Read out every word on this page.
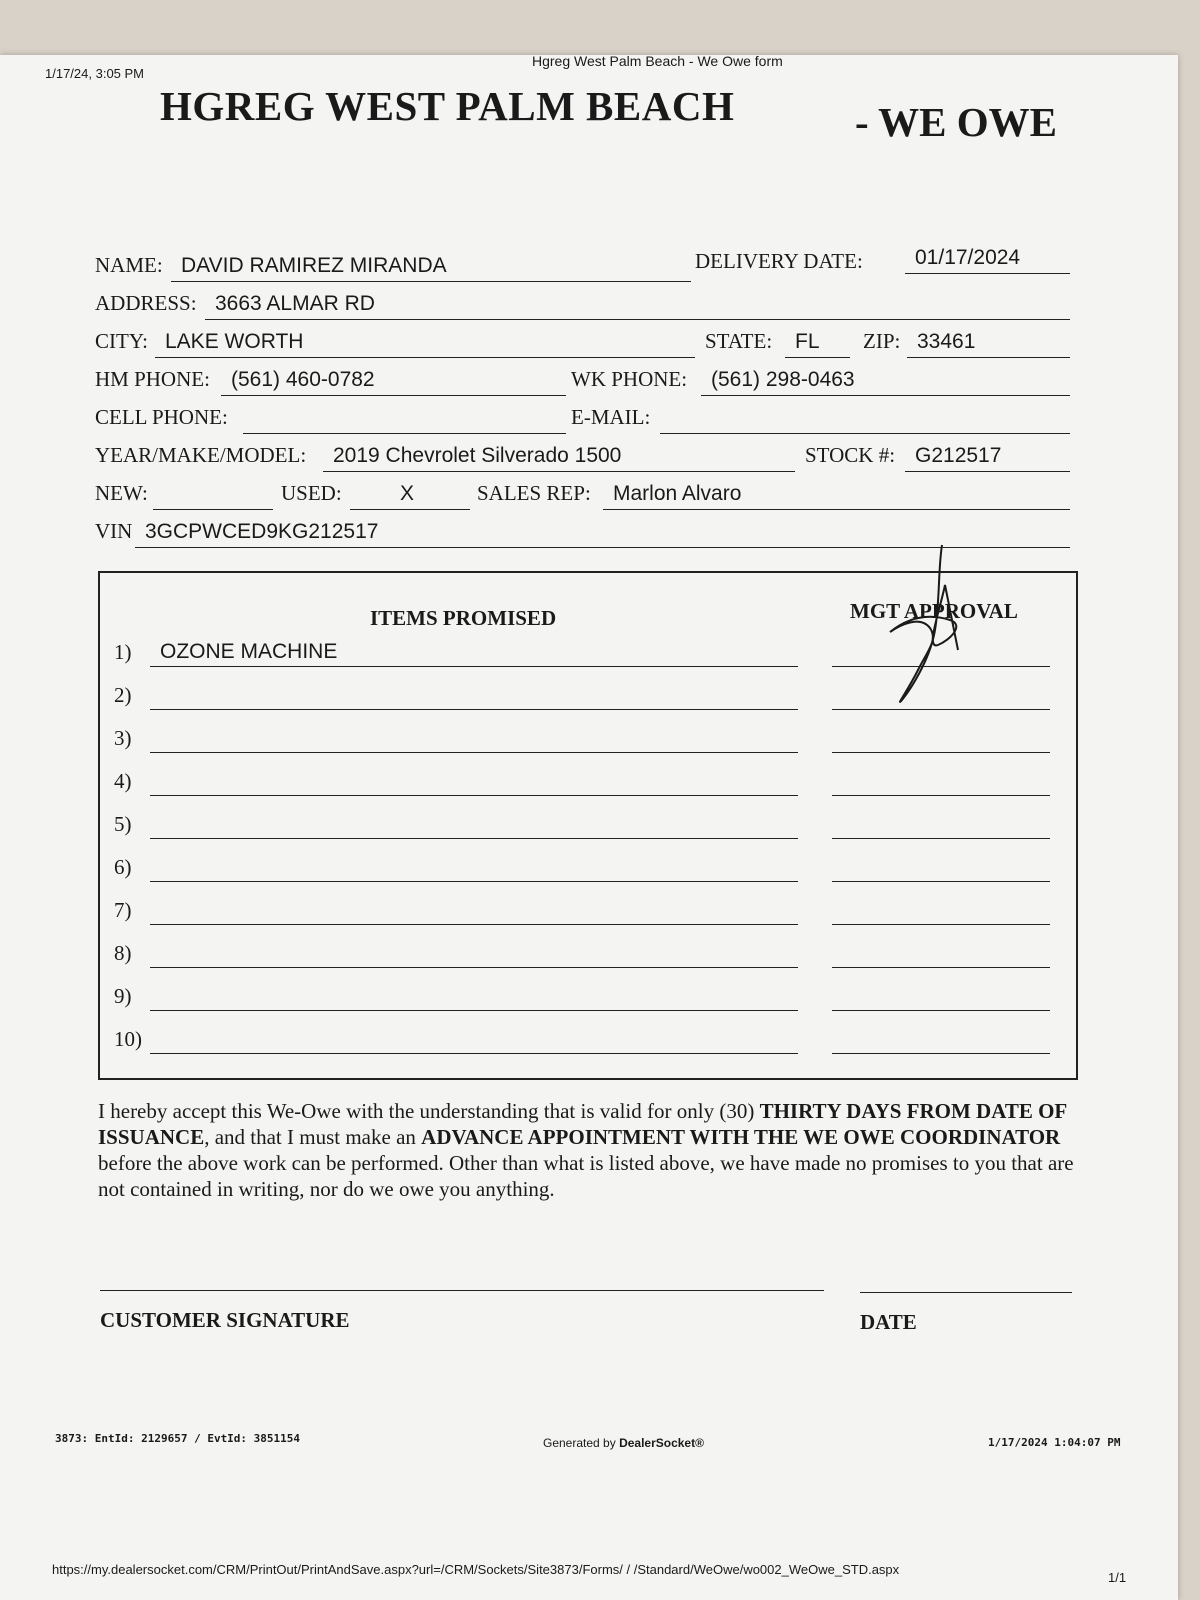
1/17/24, 3:05 PM
Hgreg West Palm Beach - We Owe form
HGREG WEST PALM BEACH	- WE OWE
NAME: DAVID RAMIREZ MIRANDA	DELIVERY DATE: 01/17/2024
ADDRESS: 3663 ALMAR RD
CITY: LAKE WORTH	STATE: FL ZIP: 33461
HM PHONE: (561) 460-0782	WK PHONE: (561) 298-0463
CELL PHONE:	E-MAIL:
YEAR/MAKE/MODEL: 2019 Chevrolet Silverado 1500	STOCK #: G212517
NEW:	USED:	X	SALES REP: Marlon Alvaro
VIN 3GCPWCED9KG212517
ITEMS PROMISED	MGT APPROVAL
1) OZONE MACHINE
2)
3)
4)
5)
6)
7)
8)
9)
10)
I hereby accept this We-Owe with the understanding that is valid for only (30) THIRTY DAYS FROM DATE OF ISSUANCE, and that I must make an ADVANCE APPOINTMENT WITH THE WE OWE COORDINATOR before the above work can be performed. Other than what is listed above, we have made no promises to you that are not contained in writing, nor do we owe you anything.
CUSTOMER SIGNATURE	DATE
3873: EntId: 2129657 / EvtId: 3851154	Generated by DealerSocket®	1/17/2024 1:04:07 PM
https://my.dealersocket.com/CRM/PrintOut/PrintAndSave.aspx?url=/CRM/Sockets/Site3873/Forms/ / /Standard/WeOwe/wo002_WeOwe_STD.aspx
1/1
